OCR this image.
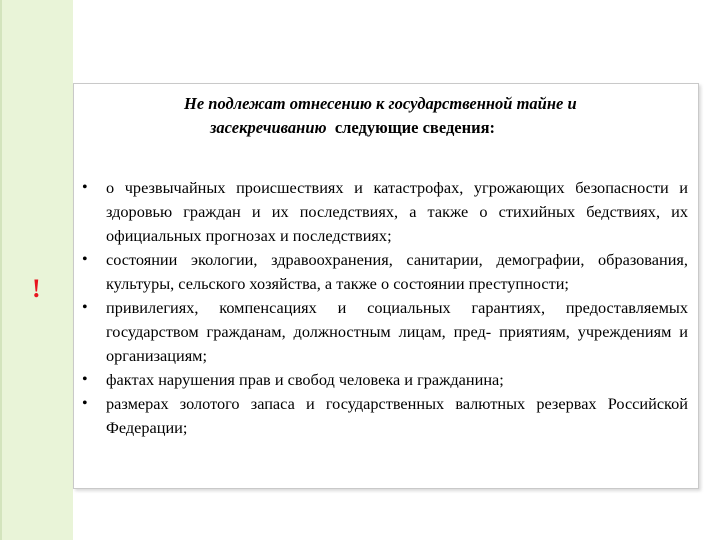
!
Не подлежат отнесению к государственной тайне и
засекречиванию следующие сведения:
• о чрезвычайных происшествиях и катастрофах, угрожающих безопасности и здоровью граждан и их последствиях, а также о стихийных бедствиях, их официальных прогнозах и последствиях;
• состоянии экологии, здравоохранения, санитарии, демографии, образования, культуры, сельского хозяйства, а также о состоянии преступности;
• привилегиях, компенсациях и социальных гарантиях, предоставляемых государством гражданам, должностным лицам, пред- приятиям, учреждениям и организациям;
• фактах нарушения прав и свобод человека и гражданина;
• размерах золотого запаса и государственных валютных резервах Российской Федерации;
